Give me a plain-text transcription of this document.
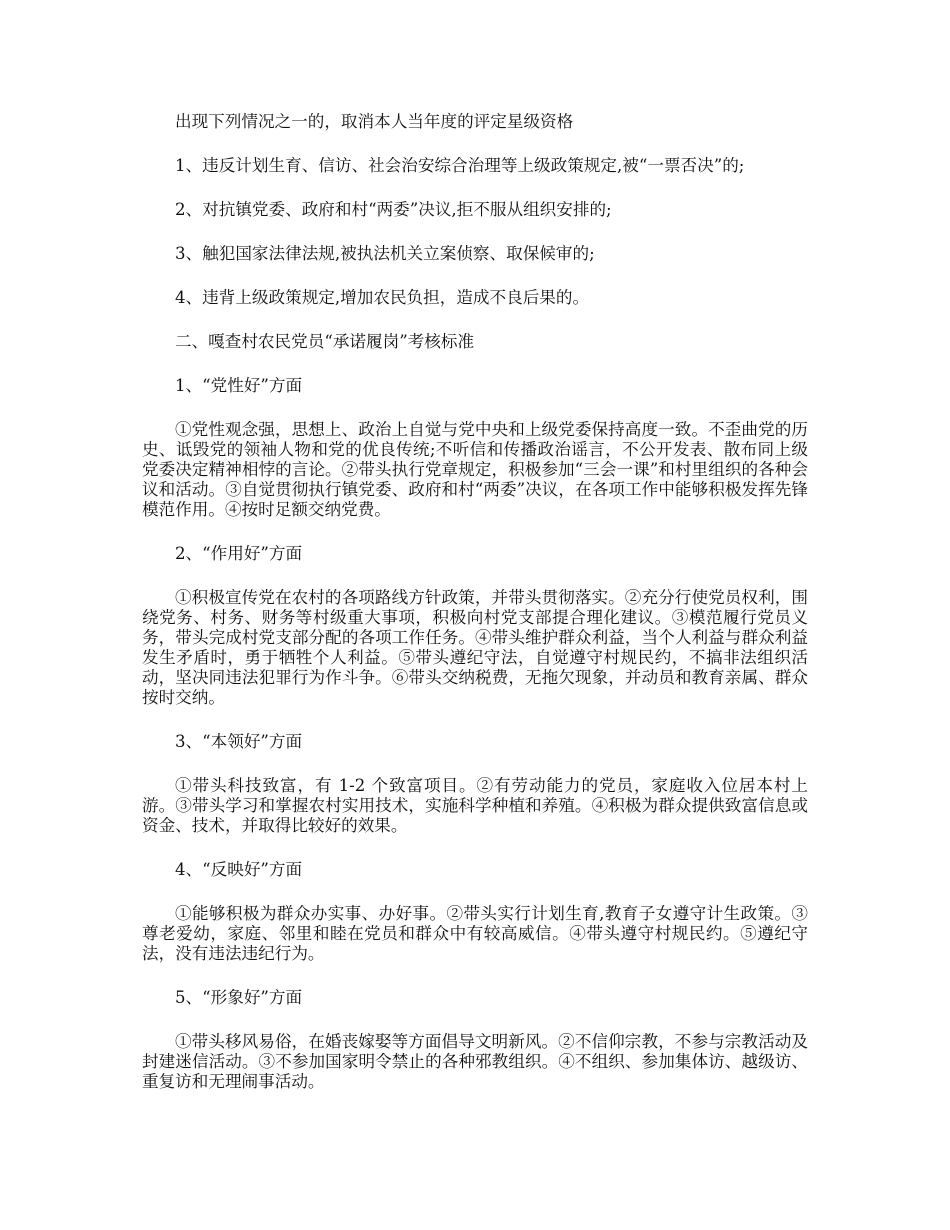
出现下列情况之一的，取消本人当年度的评定星级资格

1、违反计划生育、信访、社会治安综合治理等上级政策规定,被“一票否决”的;

2、对抗镇党委、政府和村“两委”决议,拒不服从组织安排的;

3、触犯国家法律法规,被执法机关立案侦察、取保候审的;

4、违背上级政策规定,增加农民负担，造成不良后果的。

二、嘎查村农民党员“承诺履岗”考核标准

1、“党性好”方面

①党性观念强，思想上、政治上自觉与党中央和上级党委保持高度一致。不歪曲党的历史、诋毁党的领袖人物和党的优良传统;不听信和传播政治谣言，不公开发表、散布同上级党委决定精神相悖的言论。②带头执行党章规定，积极参加“三会一课”和村里组织的各种会议和活动。③自觉贯彻执行镇党委、政府和村“两委”决议，在各项工作中能够积极发挥先锋模范作用。④按时足额交纳党费。

2、“作用好”方面

①积极宣传党在农村的各项路线方针政策，并带头贯彻落实。②充分行使党员权利，围绕党务、村务、财务等村级重大事项，积极向村党支部提合理化建议。③模范履行党员义务，带头完成村党支部分配的各项工作任务。④带头维护群众利益，当个人利益与群众利益发生矛盾时，勇于牺牲个人利益。⑤带头遵纪守法，自觉遵守村规民约，不搞非法组织活动，坚决同违法犯罪行为作斗争。⑥带头交纳税费，无拖欠现象，并动员和教育亲属、群众按时交纳。

3、“本领好”方面

①带头科技致富，有 1-2 个致富项目。②有劳动能力的党员，家庭收入位居本村上游。③带头学习和掌握农村实用技术，实施科学种植和养殖。④积极为群众提供致富信息或资金、技术，并取得比较好的效果。

4、“反映好”方面

①能够积极为群众办实事、办好事。②带头实行计划生育,教育子女遵守计生政策。③尊老爱幼，家庭、邻里和睦在党员和群众中有较高威信。④带头遵守村规民约。⑤遵纪守法，没有违法违纪行为。

5、“形象好”方面

①带头移风易俗，在婚丧嫁娶等方面倡导文明新风。②不信仰宗教，不参与宗教活动及封建迷信活动。③不参加国家明令禁止的各种邪教组织。④不组织、参加集体访、越级访、重复访和无理闹事活动。
